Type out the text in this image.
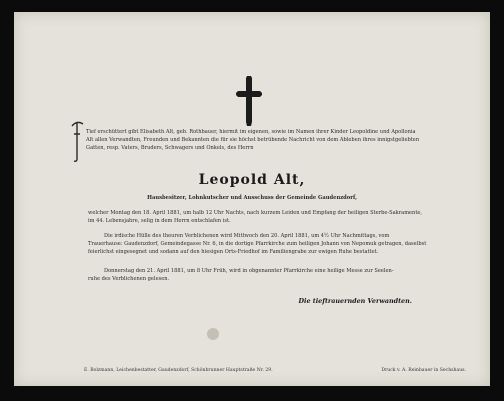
Tief erschüttert gibt Elisabeth Alt, geb. Rothbauer, hiermit im eigenen, sowie im Namen ihrer Kinder Leopoldine und Apollonia
Alt allen Verwandten, Freunden und Bekannten die für sie höchst betrübende Nachricht von dem Ableben ihres innigstgeliebten
Gatten, resp. Vaters, Bruders, Schwagers und Onkels, des Herrn
Leopold Alt,
Hausbesitzer, Lohnkutscher und Ausschuss der Gemeinde Gaudenzdorf,
welcher Montag den 18. April 1881, um halb 12 Uhr Nachts, nach kurzem Leiden und Empfang der heiligen Sterbe-Sakramente,
im 44. Lebensjahre, selig in dem Herrn entschlafen ist.
Die irdische Hülle des theuren Verblichenen wird Mittwoch den 20. April 1881, um 4½ Uhr Nachmittags, vom
Trauerhause: Gaudenzdorf, Gemeindegasse Nr. 6, in die dortige Pfarrkirche zum heiligen Johann von Nepomuk getragen, daselbst
feierlichst eingesegnet und sodann auf den hiesigen Orts-Friedhof im Familiengrabe zur ewigen Ruhe bestattet.
Donnerstag den 21. April 1881, um 8 Uhr Früh, wird in obgenannter Pfarrkirche eine heilige Messe zur Seelen-
ruhe des Verblichenen gelesen.
Die tieftrauernden Verwandten.
E. Bolzmann, Leichenbestatter, Gaudenzdorf, Schönbrunner Hauptstraße Nr. 29.	Druck v. A. Reinbauer in Sechshaus.
